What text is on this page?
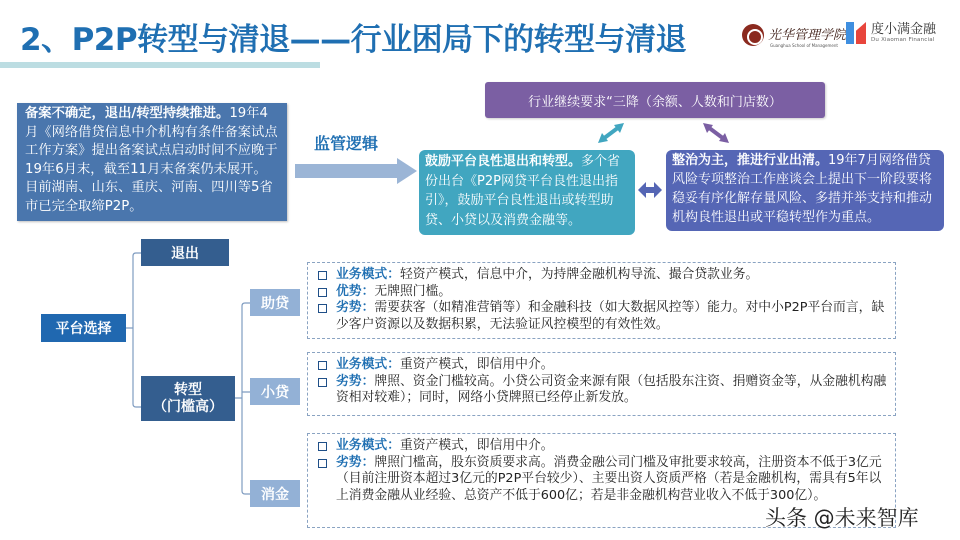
2、P2P转型与清退——行业困局下的转型与清退	光华管理学院
Guanghua School of Management
度小满金融
Du Xiaoman Financial
备案不确定，退出/转型持续推进。19年4月《网络借贷信息中介机构有条件备案试点工作方案》提出备案试点启动时间不应晚于19年6月末，截至11月末备案仍未展开。目前湖南、山东、重庆、河南、四川等5省市已完全取缔P2P。
监管逻辑
行业继续要求“三降（余额、人数和门店数）
鼓励平台良性退出和转型。多个省份出台《P2P网贷平台良性退出指引》，鼓励平台良性退出或转型助贷、小贷以及消费金融等。
整治为主，推进行业出清。19年7月网络借贷风险专项整治工作座谈会上提出下一阶段要将稳妥有序化解存量风险、多措并举支持和推动机构良性退出或平稳转型作为重点。
平台选择
退出
转型
（门槛高）
助贷
小贷
消金
业务模式：轻资产模式，信息中介，为持牌金融机构导流、撮合贷款业务。
优势：无牌照门槛。
劣势：需要获客（如精准营销等）和金融科技（如大数据风控等）能力。对中小P2P平台而言，缺少客户资源以及数据积累，无法验证风控模型的有效性效。
业务模式：重资产模式，即信用中介。
劣势：牌照、资金门槛较高。小贷公司资金来源有限（包括股东注资、捐赠资金等，从金融机构融资相对较难）；同时，网络小贷牌照已经停止新发放。
业务模式：重资产模式，即信用中介。
劣势：牌照门槛高，股东资质要求高。消费金融公司门槛及审批要求较高，注册资本不低于3亿元（目前注册资本超过3亿元的P2P平台较少）、主要出资人资质严格（若是金融机构，需具有5年以上消费金融从业经验、总资产不低于600亿；若是非金融机构营业收入不低于300亿）。
头条 @未来智库
